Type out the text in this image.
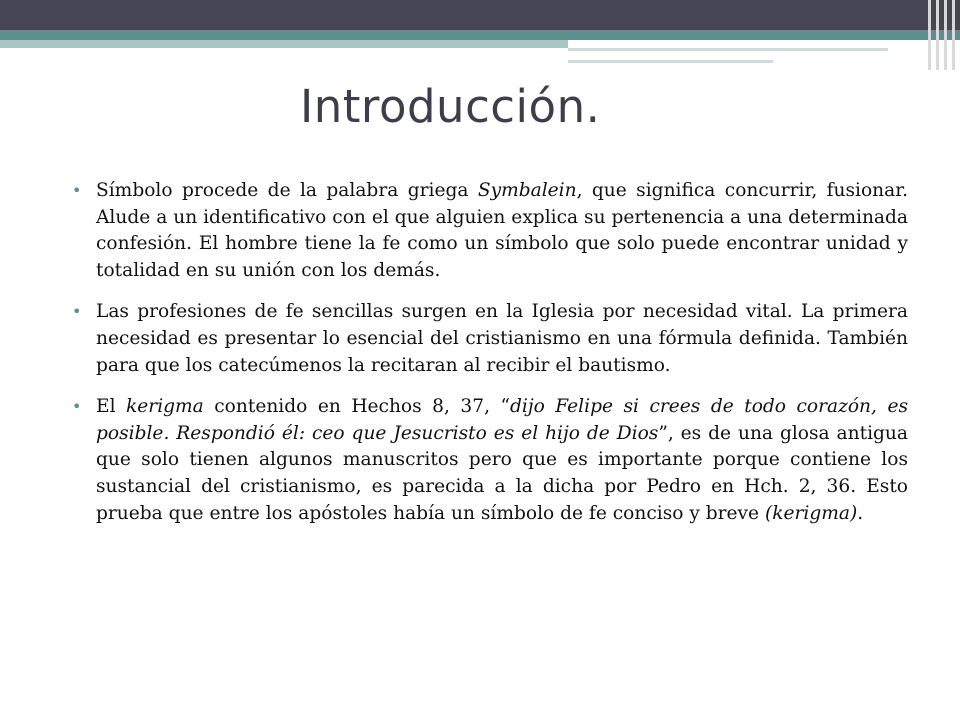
Introducción.
• Símbolo procede de la palabra griega Symbalein, que significa concurrir, fusionar. Alude a un identificativo con el que alguien explica su pertenencia a una determinada confesión. El hombre tiene la fe como un símbolo que solo puede encontrar unidad y totalidad en su unión con los demás.
• Las profesiones de fe sencillas surgen en la Iglesia por necesidad vital. La primera necesidad es presentar lo esencial del cristianismo en una fórmula definida. También para que los catecúmenos la recitaran al recibir el bautismo.
• El kerigma contenido en Hechos 8, 37, “dijo Felipe si crees de todo corazón, es posible. Respondió él: ceo que Jesucristo es el hijo de Dios”, es de una glosa antigua que solo tienen algunos manuscritos pero que es importante porque contiene los sustancial del cristianismo, es parecida a la dicha por Pedro en Hch. 2, 36. Esto prueba que entre los apóstoles había un símbolo de fe conciso y breve (kerigma).
